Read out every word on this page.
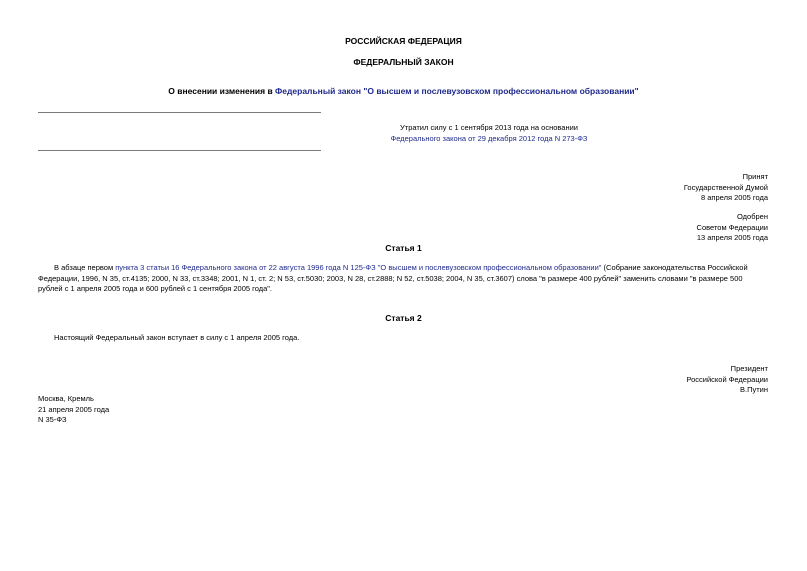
РОССИЙСКАЯ ФЕДЕРАЦИЯ
ФЕДЕРАЛЬНЫЙ ЗАКОН
О внесении изменения в Федеральный закон "О высшем и послевузовском профессиональном образовании"
Утратил силу с 1 сентября 2013 года на основании
Федерального закона от 29 декабря 2012 года N 273-ФЗ
Принят
Государственной Думой
8 апреля 2005 года
Одобрен
Советом Федерации
13 апреля 2005 года
Статья 1
В абзаце первом пункта 3 статьи 16 Федерального закона от 22 августа 1996 года N 125-ФЗ "О высшем и послевузовском профессиональном образовании" (Собрание законодательства Российской Федерации, 1996, N 35, ст.4135; 2000, N 33, ст.3348; 2001, N 1, ст. 2; N 53, ст.5030; 2003, N 28, ст.2888; N 52, ст.5038; 2004, N 35, ст.3607) слова "в размере 400 рублей" заменить словами "в размере 500 рублей с 1 апреля 2005 года и 600 рублей с 1 сентября 2005 года".
Статья 2
Настоящий Федеральный закон вступает в силу с 1 апреля 2005 года.
Президент
Российской Федерации
В.Путин
Москва, Кремль
21 апреля 2005 года
N 35-ФЗ
